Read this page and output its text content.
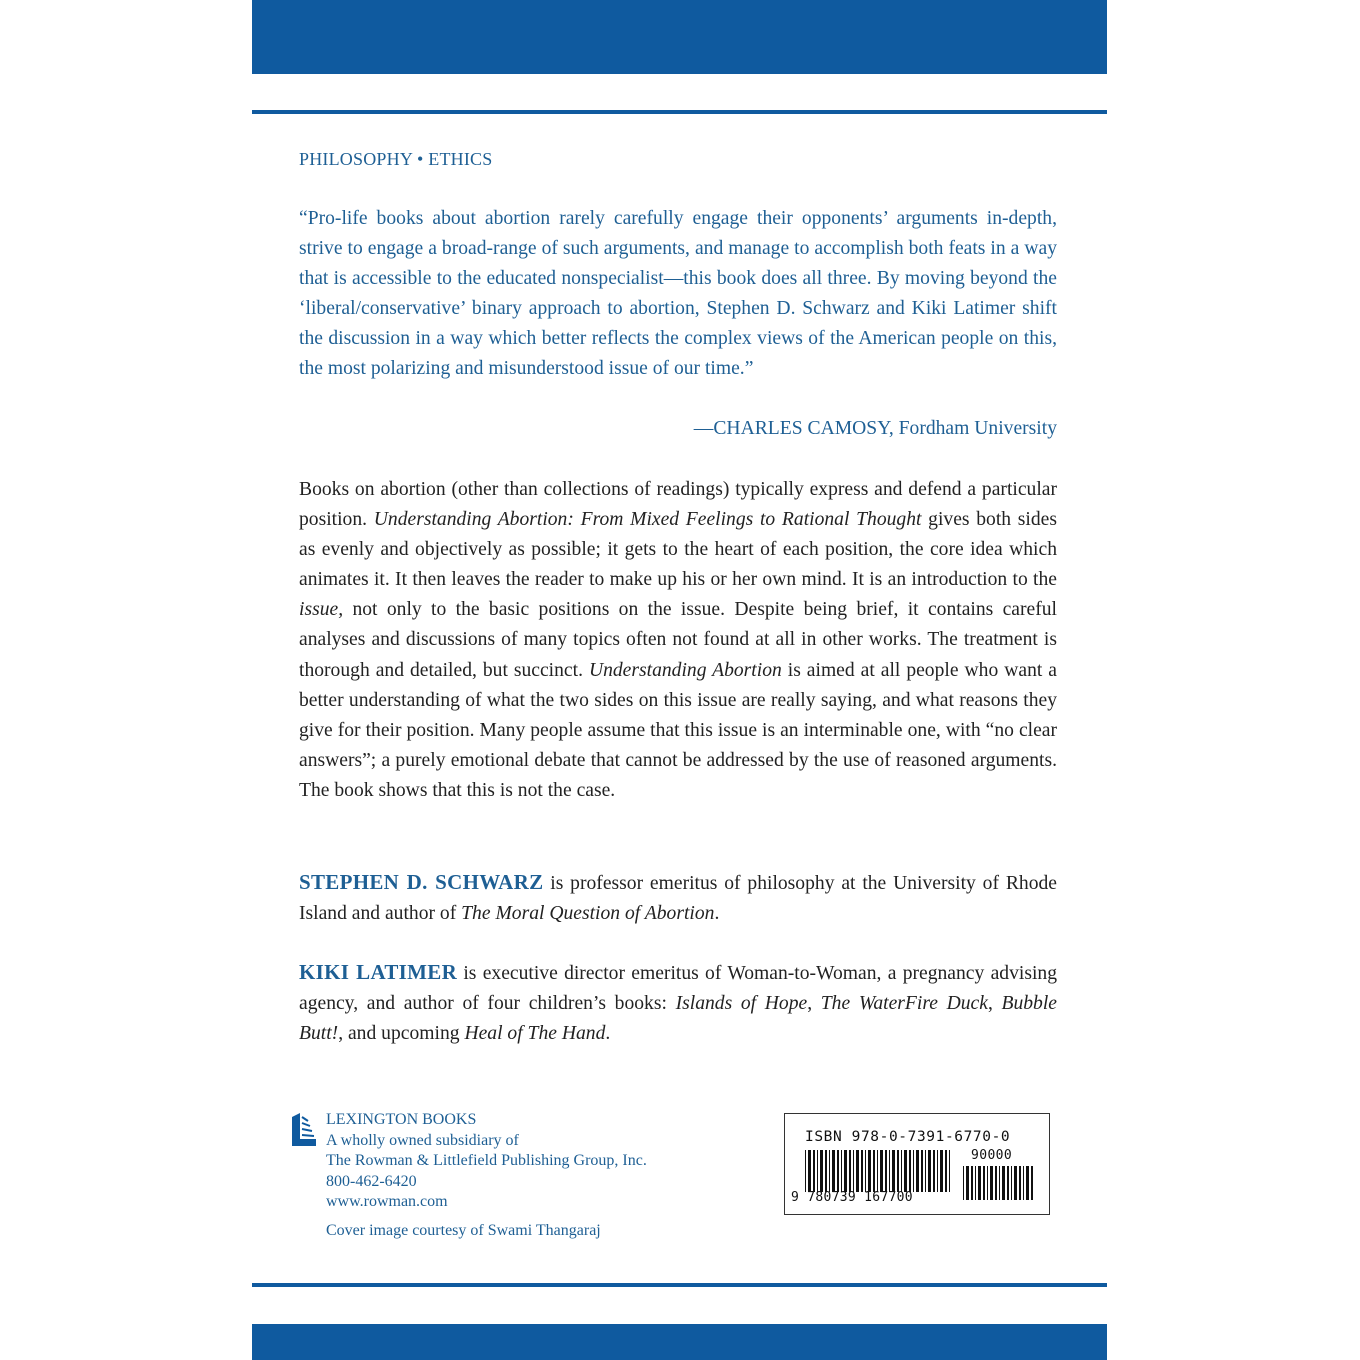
PHILOSOPHY • ETHICS

“Pro-life books about abortion rarely carefully engage their opponents’ arguments in-depth, strive to engage a broad-range of such arguments, and manage to accomplish both feats in a way that is accessible to the educated nonspecialist—this book does all three. By moving beyond the ‘liberal/conservative’ binary approach to abortion, Stephen D. Schwarz and Kiki Latimer shift the discussion in a way which better reflects the complex views of the American people on this, the most polarizing and misunderstood issue of our time.”

—CHARLES CAMOSY, Fordham University

Books on abortion (other than collections of readings) typically express and defend a particular position. Understanding Abortion: From Mixed Feelings to Rational Thought gives both sides as evenly and objectively as possible; it gets to the heart of each position, the core idea which animates it. It then leaves the reader to make up his or her own mind. It is an introduction to the issue, not only to the basic positions on the issue. Despite being brief, it contains careful analyses and discussions of many topics often not found at all in other works. The treatment is thorough and detailed, but succinct. Understanding Abortion is aimed at all people who want a better understanding of what the two sides on this issue are really saying, and what reasons they give for their position. Many people assume that this issue is an interminable one, with “no clear answers”; a purely emotional debate that cannot be addressed by the use of reasoned arguments. The book shows that this is not the case.

STEPHEN D. SCHWARZ is professor emeritus of philosophy at the University of Rhode Island and author of The Moral Question of Abortion.

KIKI LATIMER is executive director emeritus of Woman-to-Woman, a pregnancy advising agency, and author of four children’s books: Islands of Hope, The WaterFire Duck, Bubble Butt!, and upcoming Heal of The Hand.

LEXINGTON BOOKS
A wholly owned subsidiary of
The Rowman & Littlefield Publishing Group, Inc.
800-462-6420
www.rowman.com
Cover image courtesy of Swami Thangaraj
ISBN 978-0-7391-6770-0
90000
9 780739 167700
